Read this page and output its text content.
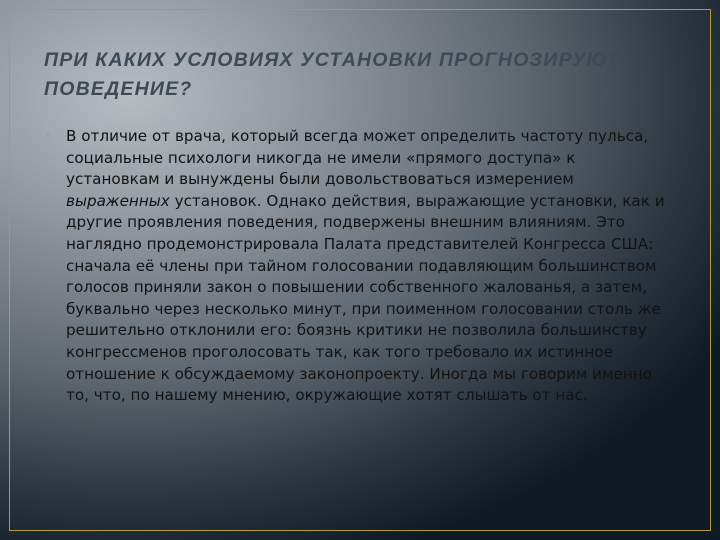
ПРИ КАКИХ УСЛОВИЯХ УСТАНОВКИ ПРОГНОЗИРУЮТ ПОВЕДЕНИЕ?
• В отличие от врача, который всегда может определить частоту пульса, социальные психологи никогда не имели «прямого доступа» к установкам и вынуждены были довольствоваться измерением выраженных установок. Однако действия, выражающие установки, как и другие проявления поведения, подвержены внешним влияниям. Это наглядно продемонстрировала Палата представителей Конгресса США: сначала её члены при тайном голосовании подавляющим большинством голосов приняли закон о повышении собственного жалованья, а затем, буквально через несколько минут, при поименном голосовании столь же решительно отклонили его: боязнь критики не позволила большинству конгрессменов проголосовать так, как того требовало их истинное отношение к обсуждаемому законопроекту. Иногда мы говорим именно то, что, по нашему мнению, окружающие хотят слышать от нас.
